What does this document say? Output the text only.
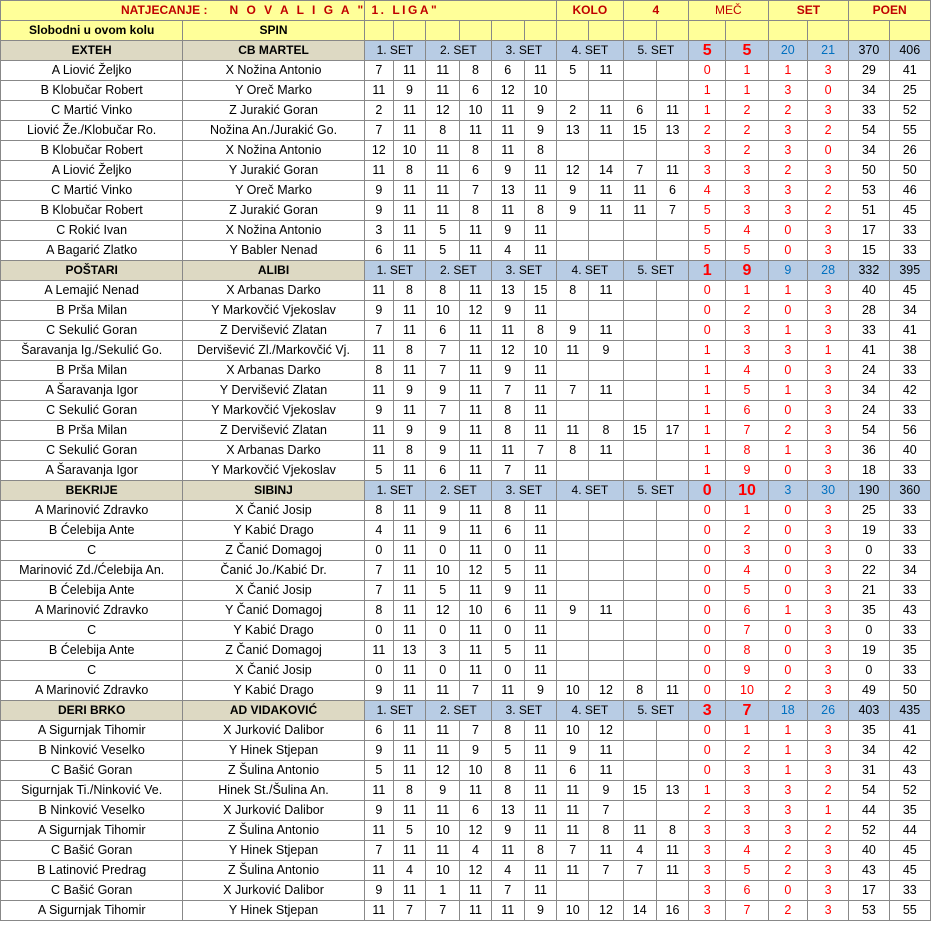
NATJECANJE : N O V A L I G A " 1. LIGA"								KOLO		4		MEČ		SET		POEN	
Slobodni u ovom kolu	SPIN																
EXTEH	CB MARTEL	1. SET		2. SET		3. SET		4. SET		5. SET		5	5	20	21	370	406
A Liović Željko	X Nožina Antonio	7	11	11	8	6	11	5	11			0	1	1	3	29	41
B Klobučar Robert	Y Oreč Marko	11	9	11	6	12	10					1	1	3	0	34	25
C Martić Vinko	Z Jurakić Goran	2	11	12	10	11	9	2	11	6	11	1	2	2	3	33	52
Liović Že./Klobučar Ro.	Nožina An./Jurakić Go.	7	11	8	11	11	9	13	11	15	13	2	2	3	2	54	55
B Klobučar Robert	X Nožina Antonio	12	10	11	8	11	8					3	2	3	0	34	26
A Liović Željko	Y Jurakić Goran	11	8	11	6	9	11	12	14	7	11	3	3	2	3	50	50
C Martić Vinko	Y Oreč Marko	9	11	11	7	13	11	9	11	11	6	4	3	3	2	53	46
B Klobučar Robert	Z Jurakić Goran	9	11	11	8	11	8	9	11	11	7	5	3	3	2	51	45
C Rokić Ivan	X Nožina Antonio	3	11	5	11	9	11					5	4	0	3	17	33
A Bagarić Zlatko	Y Babler Nenad	6	11	5	11	4	11					5	5	0	3	15	33
POŠTARI	ALIBI	1. SET		2. SET		3. SET		4. SET		5. SET		1	9	9	28	332	395
A Lemajić Nenad	X Arbanas Darko	11	8	8	11	13	15	8	11			0	1	1	3	40	45
B Prša Milan	Y Markovčić Vjekoslav	9	11	10	12	9	11					0	2	0	3	28	34
C Sekulić Goran	Z Dervišević Zlatan	7	11	6	11	11	8	9	11			0	3	1	3	33	41
Šaravanja Ig./Sekulić Go.	Dervišević Zl./Markovčić Vj.	11	8	7	11	12	10	11	9			1	3	3	1	41	38
B Prša Milan	X Arbanas Darko	8	11	7	11	9	11					1	4	0	3	24	33
A Šaravanja Igor	Y Dervišević Zlatan	11	9	9	11	7	11	7	11			1	5	1	3	34	42
C Sekulić Goran	Y Markovčić Vjekoslav	9	11	7	11	8	11					1	6	0	3	24	33
B Prša Milan	Z Dervišević Zlatan	11	9	9	11	8	11	11	8	15	17	1	7	2	3	54	56
C Sekulić Goran	X Arbanas Darko	11	8	9	11	11	7	8	11			1	8	1	3	36	40
A Šaravanja Igor	Y Markovčić Vjekoslav	5	11	6	11	7	11					1	9	0	3	18	33
BEKRIJE	SIBINJ	1. SET		2. SET		3. SET		4. SET		5. SET		0	10	3	30	190	360
A Marinović Zdravko	X Čanić Josip	8	11	9	11	8	11					0	1	0	3	25	33
B Ćelebija Ante	Y Kabić Drago	4	11	9	11	6	11					0	2	0	3	19	33
C	Z Čanić Domagoj	0	11	0	11	0	11					0	3	0	3	0	33
Marinović Zd./Ćelebija An.	Čanić Jo./Kabić Dr.	7	11	10	12	5	11					0	4	0	3	22	34
B Ćelebija Ante	X Čanić Josip	7	11	5	11	9	11					0	5	0	3	21	33
A Marinović Zdravko	Y Čanić Domagoj	8	11	12	10	6	11	9	11			0	6	1	3	35	43
C	Y Kabić Drago	0	11	0	11	0	11					0	7	0	3	0	33
B Ćelebija Ante	Z Čanić Domagoj	11	13	3	11	5	11					0	8	0	3	19	35
C	X Čanić Josip	0	11	0	11	0	11					0	9	0	3	0	33
A Marinović Zdravko	Y Kabić Drago	9	11	11	7	11	9	10	12	8	11	0	10	2	3	49	50
DERI BRKO	AD VIDAKOVIĆ	1. SET		2. SET		3. SET		4. SET		5. SET		3	7	18	26	403	435
A Sigurnjak Tihomir	X Jurković Dalibor	6	11	11	7	8	11	10	12			0	1	1	3	35	41
B Ninković Veselko	Y Hinek Stjepan	9	11	11	9	5	11	9	11			0	2	1	3	34	42
C Bašić Goran	Z Šulina Antonio	5	11	12	10	8	11	6	11			0	3	1	3	31	43
Sigurnjak Ti./Ninković Ve.	Hinek St./Šulina An.	11	8	9	11	8	11	11	9	15	13	1	3	3	2	54	52
B Ninković Veselko	X Jurković Dalibor	9	11	11	6	13	11	11	7			2	3	3	1	44	35
A Sigurnjak Tihomir	Z Šulina Antonio	11	5	10	12	9	11	11	8	11	8	3	3	3	2	52	44
C Bašić Goran	Y Hinek Stjepan	7	11	11	4	11	8	7	11	4	11	3	4	2	3	40	45
B Latinović Predrag	Z Šulina Antonio	11	4	10	12	4	11	11	7	7	11	3	5	2	3	43	45
C Bašić Goran	X Jurković Dalibor	9	11	1	11	7	11					3	6	0	3	17	33
A Sigurnjak Tihomir	Y Hinek Stjepan	11	7	7	11	11	9	10	12	14	16	3	7	2	3	53	55
